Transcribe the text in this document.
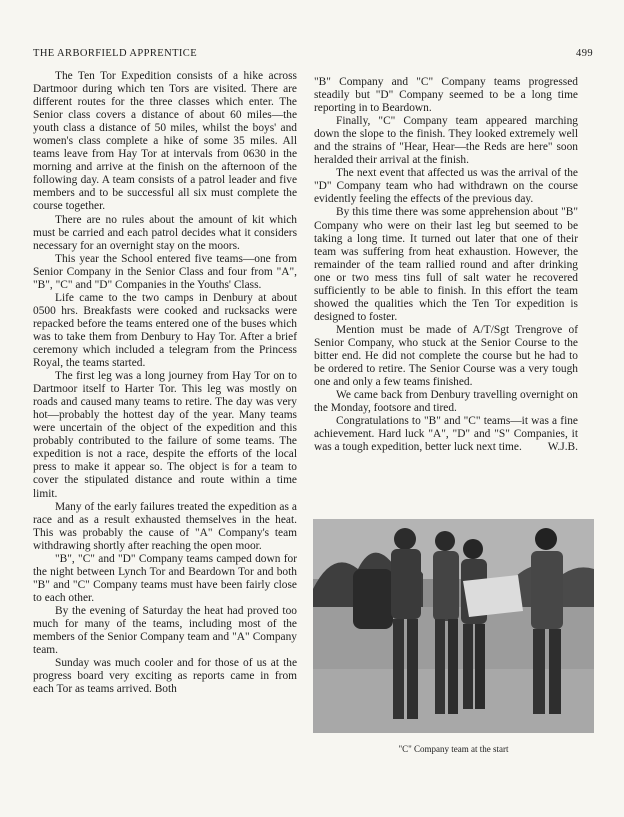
THE ARBORFIELD APPRENTICE	499

The Ten Tor Expedition consists of a hike across Dartmoor during which ten Tors are visited. There are different routes for the three classes which enter. The Senior class covers a distance of about 60 miles—the youth class a distance of 50 miles, whilst the boys' and women's class complete a hike of some 35 miles. All teams leave from Hay Tor at intervals from 0630 in the morning and arrive at the finish on the afternoon of the following day. A team consists of a patrol leader and five members and to be successful all six must complete the course together.

There are no rules about the amount of kit which must be carried and each patrol decides what it considers necessary for an overnight stay on the moors.

This year the School entered five teams—one from Senior Company in the Senior Class and four from "A", "B", "C" and "D" Companies in the Youths' Class.

Life came to the two camps in Denbury at about 0500 hrs. Breakfasts were cooked and rucksacks were repacked before the teams entered one of the buses which was to take them from Denbury to Hay Tor. After a brief ceremony which included a telegram from the Princess Royal, the teams started.

The first leg was a long journey from Hay Tor on to Dartmoor itself to Harter Tor. This leg was mostly on roads and caused many teams to retire. The day was very hot—probably the hottest day of the year. Many teams were uncertain of the object of the expedition and this probably contributed to the failure of some teams. The expedition is not a race, despite the efforts of the local press to make it appear so. The object is for a team to cover the stipulated distance and route within a time limit.

Many of the early failures treated the expedition as a race and as a result exhausted themselves in the heat. This was probably the cause of "A" Company's team withdrawing shortly after reaching the open moor.

"B", "C" and "D" Company teams camped down for the night between Lynch Tor and Beardown Tor and both "B" and "C" Company teams must have been fairly close to each other.

By the evening of Saturday the heat had proved too much for many of the teams, including most of the members of the Senior Company team and "A" Company team.

Sunday was much cooler and for those of us at the progress board very exciting as reports came in from each Tor as teams arrived. Both

"B" Company and "C" Company teams progressed steadily but "D" Company seemed to be a long time reporting in to Beardown.

Finally, "C" Company team appeared marching down the slope to the finish. They looked extremely well and the strains of "Hear, Hear—the Reds are here" soon heralded their arrival at the finish.

The next event that affected us was the arrival of the "D" Company team who had withdrawn on the course evidently feeling the effects of the previous day.

By this time there was some apprehension about "B" Company who were on their last leg but seemed to be taking a long time. It turned out later that one of their team was suffering from heat exhaustion. However, the remainder of the team rallied round and after drinking one or two mess tins full of salt water he recovered sufficiently to be able to finish. In this effort the team showed the qualities which the Ten Tor expedition is designed to foster.

Mention must be made of A/T/Sgt Trengrove of Senior Company, who stuck at the Senior Course to the bitter end. He did not complete the course but he had to be ordered to retire. The Senior Course was a very tough one and only a few teams finished.

We came back from Denbury travelling overnight on the Monday, footsore and tired.

Congratulations to "B" and "C" teams—it was a fine achievement. Hard luck "A", "D" and "S" Companies, it was a tough expedition, better luck next time. W.J.B.

"C" Company team at the start
